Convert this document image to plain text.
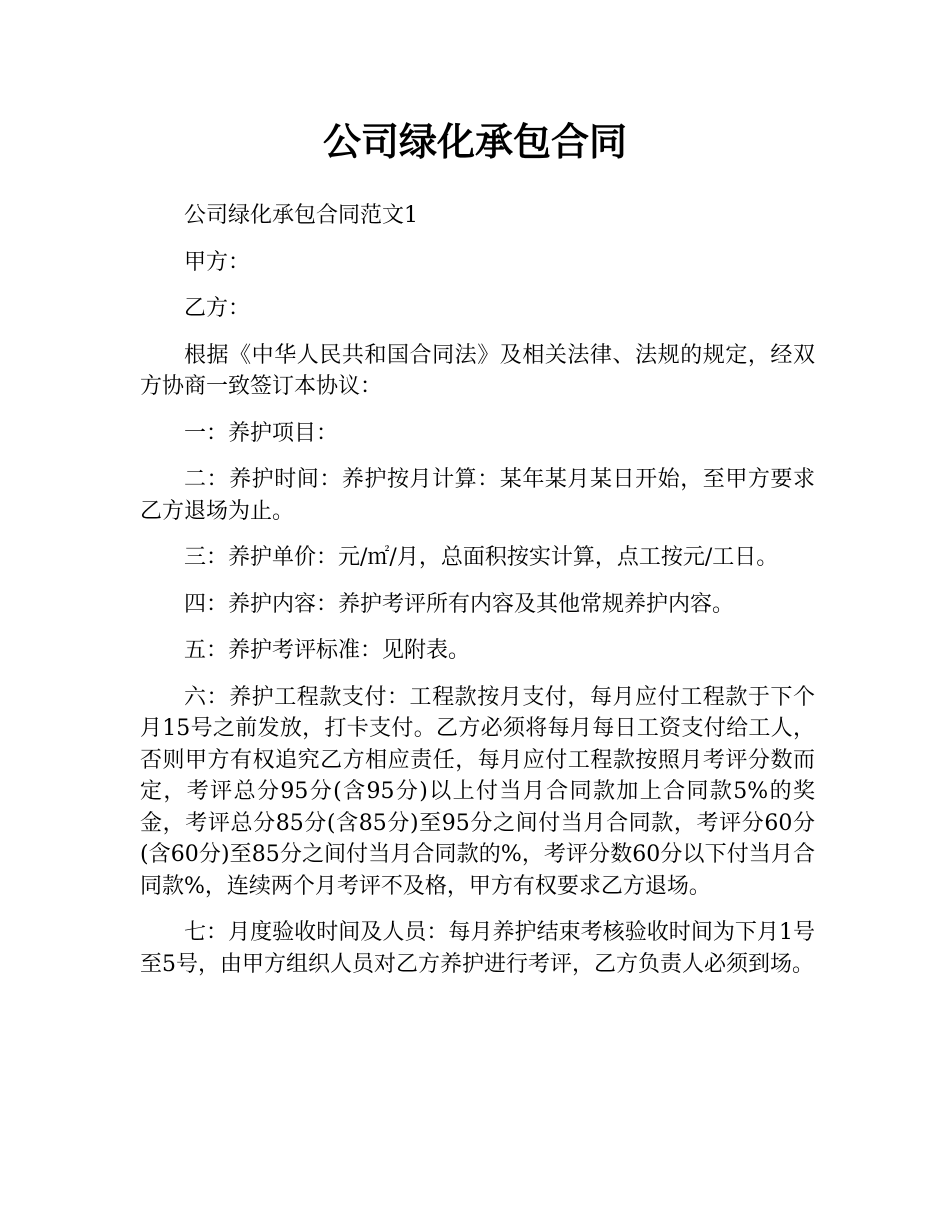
公司绿化承包合同

公司绿化承包合同范文1

甲方：

乙方：

根据《中华人民共和国合同法》及相关法律、法规的规定，经双方协商一致签订本协议：

一：养护项目：

二：养护时间：养护按月计算：某年某月某日开始，至甲方要求乙方退场为止。

三：养护单价：元/㎡/月，总面积按实计算，点工按元/工日。

四：养护内容：养护考评所有内容及其他常规养护内容。

五：养护考评标准：见附表。

六：养护工程款支付：工程款按月支付，每月应付工程款于下个月15号之前发放，打卡支付。乙方必须将每月每日工资支付给工人，否则甲方有权追究乙方相应责任，每月应付工程款按照月考评分数而定，考评总分95分(含95分)以上付当月合同款加上合同款5%的奖金，考评总分85分(含85分)至95分之间付当月合同款，考评分60分(含60分)至85分之间付当月合同款的%，考评分数60分以下付当月合同款%，连续两个月考评不及格，甲方有权要求乙方退场。

七：月度验收时间及人员：每月养护结束考核验收时间为下月1号至5号，由甲方组织人员对乙方养护进行考评，乙方负责人必须到场。
